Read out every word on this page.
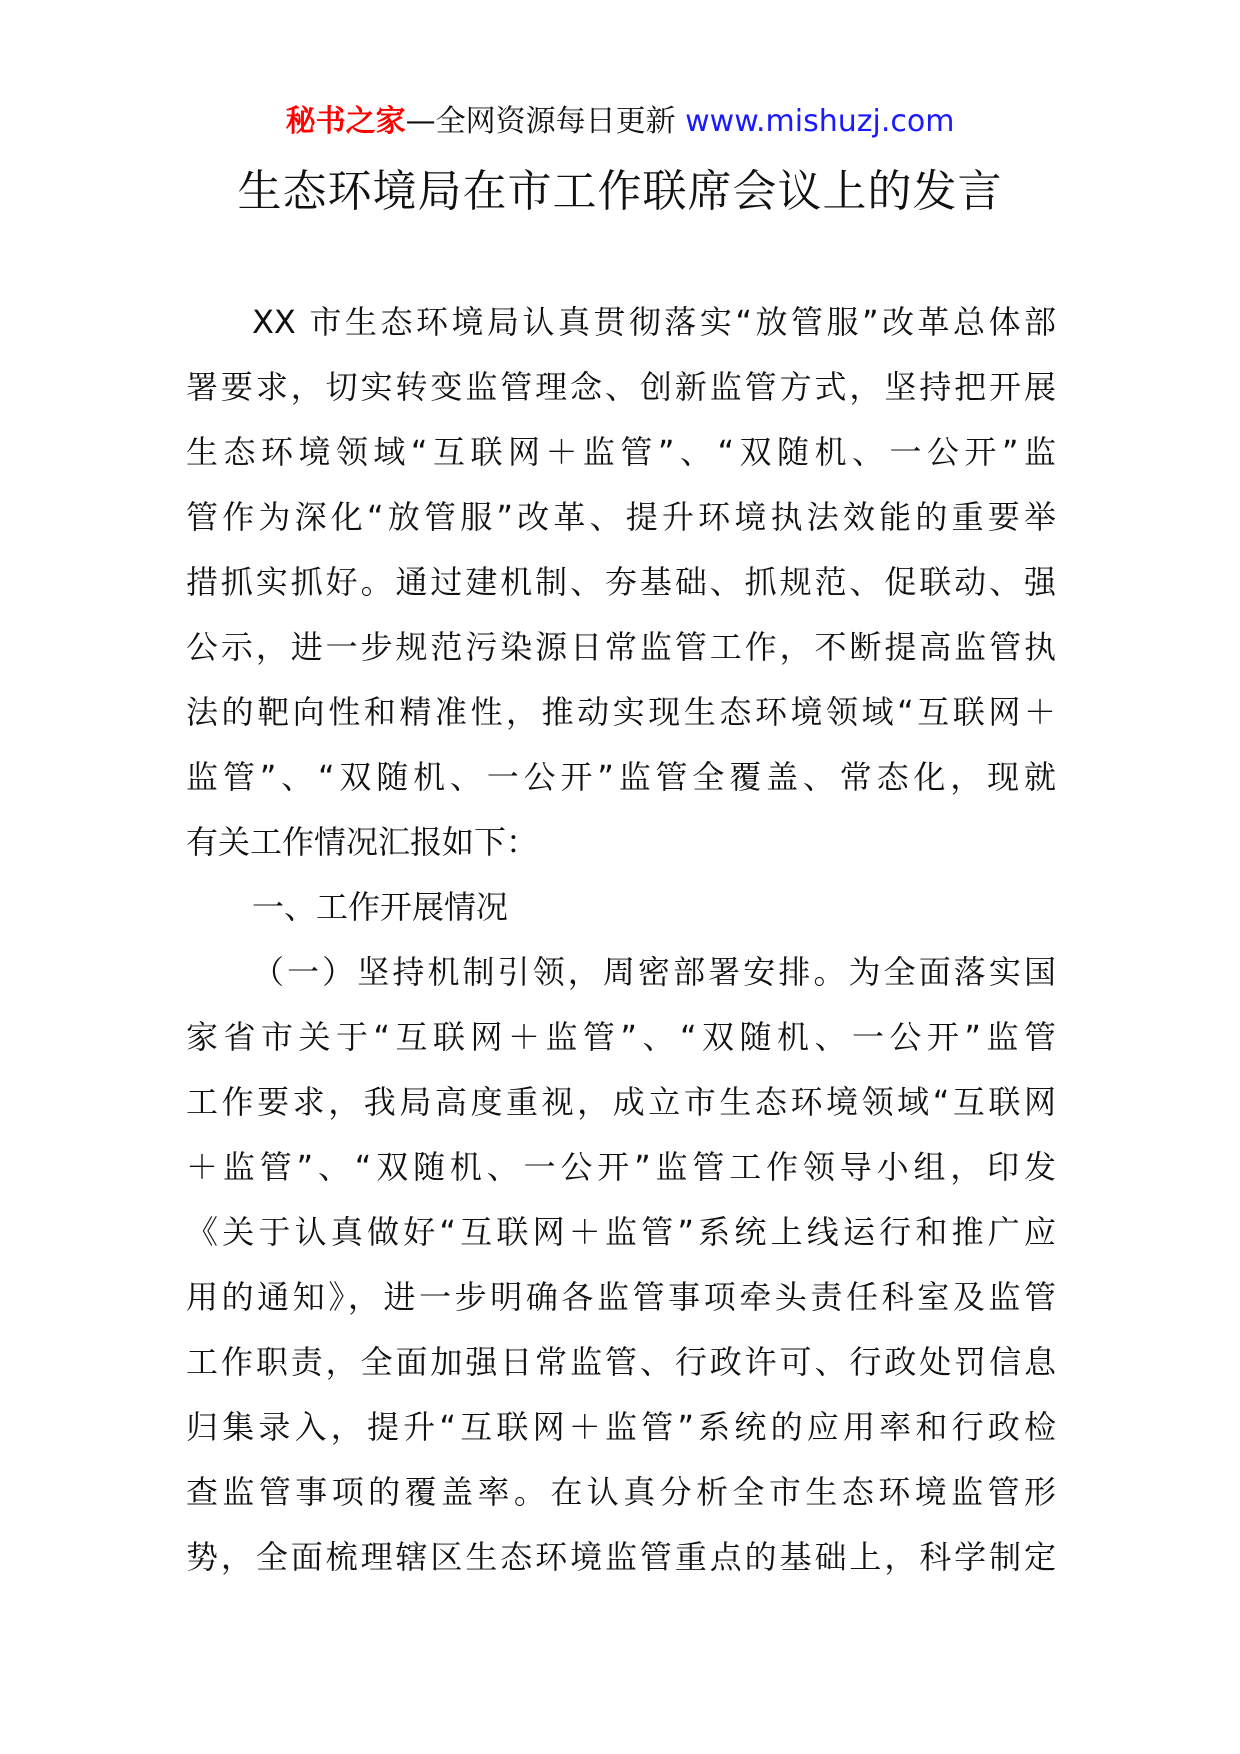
秘书之家—全网资源每日更新 www.mishuzj.com
生态环境局在市工作联席会议上的发言
XX 市生态环境局认真贯彻落实“放管服”改革总体部
署要求，切实转变监管理念、创新监管方式，坚持把开展
生态环境领域“互联网＋监管”、“双随机、一公开”监
管作为深化“放管服”改革、提升环境执法效能的重要举
措抓实抓好。通过建机制、夯基础、抓规范、促联动、强
公示，进一步规范污染源日常监管工作，不断提高监管执
法的靶向性和精准性，推动实现生态环境领域“互联网＋
监管”、“双随机、一公开”监管全覆盖、常态化，现就
有关工作情况汇报如下：
一、工作开展情况
（一）坚持机制引领，周密部署安排。为全面落实国
家省市关于“互联网＋监管”、“双随机、一公开”监管
工作要求，我局高度重视，成立市生态环境领域“互联网
＋监管”、“双随机、一公开”监管工作领导小组，印发
《关于认真做好“互联网＋监管”系统上线运行和推广应
用的通知》，进一步明确各监管事项牵头责任科室及监管
工作职责，全面加强日常监管、行政许可、行政处罚信息
归集录入，提升“互联网＋监管”系统的应用率和行政检
查监管事项的覆盖率。在认真分析全市生态环境监管形
势，全面梳理辖区生态环境监管重点的基础上，科学制定
